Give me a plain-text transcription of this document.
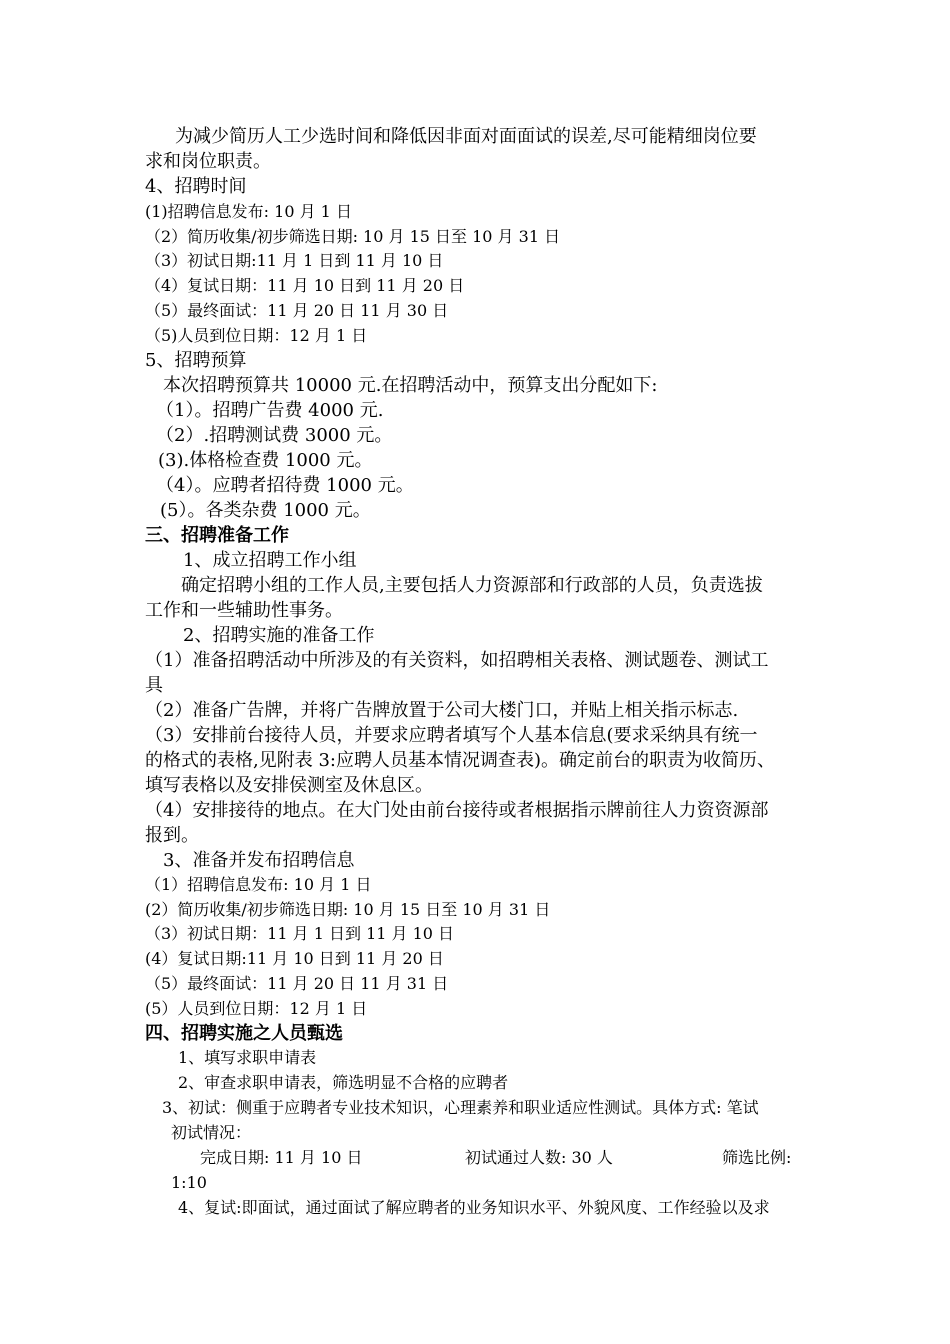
为减少简历人工少选时间和降低因非面对面面试的误差,尽可能精细岗位要
求和岗位职责。
4、招聘时间
(1)招聘信息发布: 10 月 1 日
（2）简历收集/初步筛选日期: 10 月 15 日至 10 月 31 日
（3）初试日期:11 月 1 日到 11 月 10 日
（4）复试日期：11 月 10 日到 11 月 20 日
（5）最终面试：11 月 20 日 11 月 30 日
（5)人员到位日期：12 月 1 日
5、招聘预算
本次招聘预算共 10000 元.在招聘活动中，预算支出分配如下:
（1）。招聘广告费 4000 元.
（2）.招聘测试费 3000 元。
(3).体格检查费 1000 元。
（4）。应聘者招待费 1000 元。
(5）。各类杂费 1000 元。
三、招聘准备工作
1、成立招聘工作小组
确定招聘小组的工作人员,主要包括人力资源部和行政部的人员，负责选拔
工作和一些辅助性事务。
2、招聘实施的准备工作
（1）准备招聘活动中所涉及的有关资料，如招聘相关表格、测试题卷、测试工
具
（2）准备广告牌，并将广告牌放置于公司大楼门口，并贴上相关指示标志.
（3）安排前台接待人员，并要求应聘者填写个人基本信息(要求采纳具有统一
的格式的表格,见附表 3:应聘人员基本情况调查表)。确定前台的职责为收简历、
填写表格以及安排侯测室及休息区。
（4）安排接待的地点。在大门处由前台接待或者根据指示牌前往人力资资源部
报到。
3、准备并发布招聘信息
（1）招聘信息发布: 10 月 1 日
(2）简历收集/初步筛选日期: 10 月 15 日至 10 月 31 日
（3）初试日期：11 月 1 日到 11 月 10 日
(4）复试日期:11 月 10 日到 11 月 20 日
（5）最终面试：11 月 20 日 11 月 31 日
(5）人员到位日期：12 月 1 日
四、招聘实施之人员甄选
1、填写求职申请表
2、审查求职申请表，筛选明显不合格的应聘者
3、初试：侧重于应聘者专业技术知识，心理素养和职业适应性测试。具体方式: 笔试
初试情况：
完成日期: 11 月 10 日	初试通过人数: 30 人	筛选比例:
1:10
4、复试:即面试，通过面试了解应聘者的业务知识水平、外貌风度、工作经验以及求
